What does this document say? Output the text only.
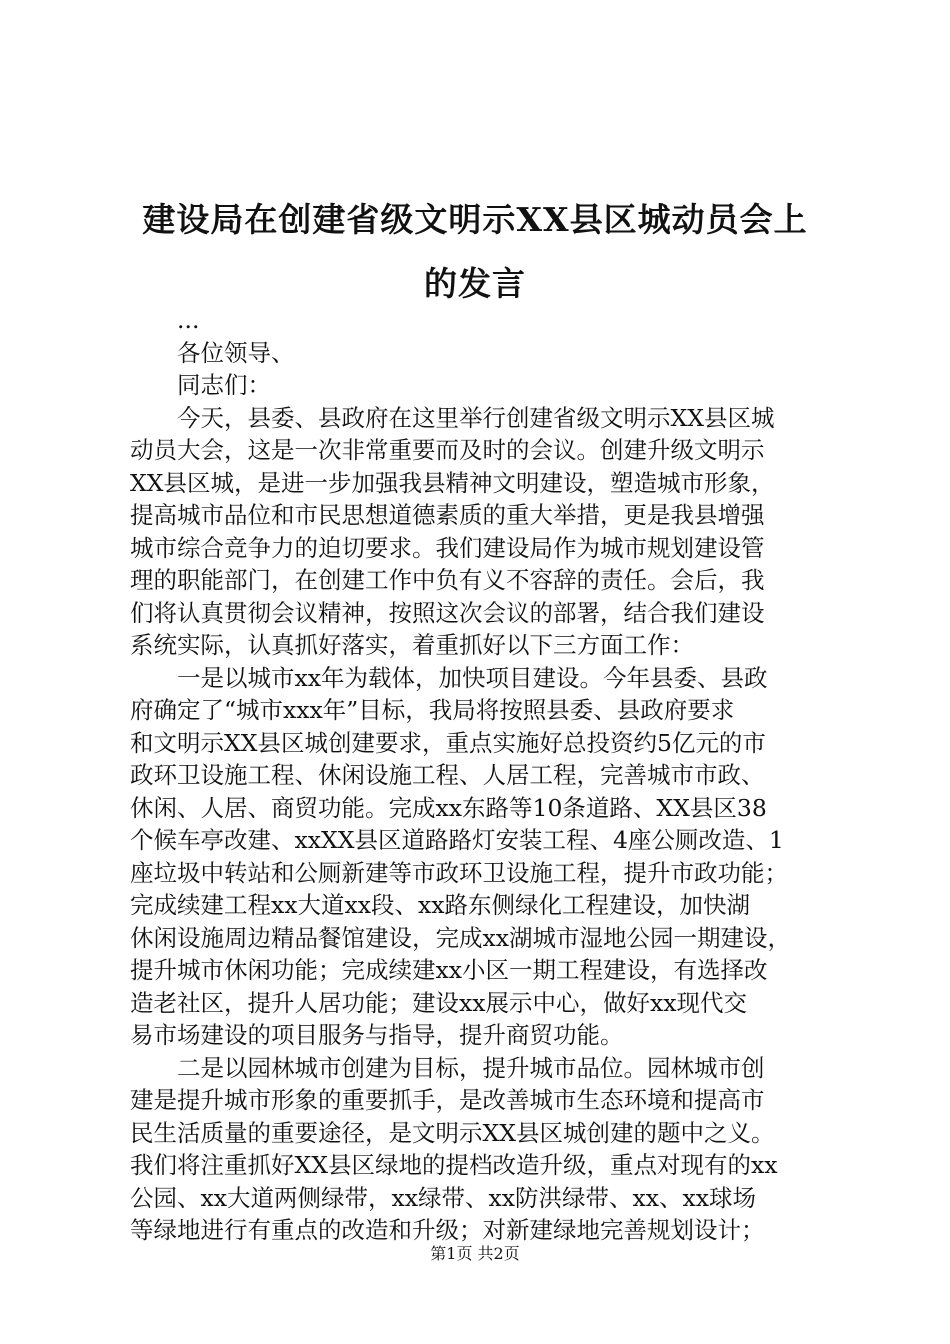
建设局在创建省级文明示XX县区城动员会上
的发言
...
各位领导、
同志们：
今天，县委、县政府在这里举行创建省级文明示XX县区城
动员大会，这是一次非常重要而及时的会议。创建升级文明示
XX县区城，是进一步加强我县精神文明建设，塑造城市形象，
提高城市品位和市民思想道德素质的重大举措，更是我县增强
城市综合竞争力的迫切要求。我们建设局作为城市规划建设管
理的职能部门，在创建工作中负有义不容辞的责任。会后，我
们将认真贯彻会议精神，按照这次会议的部署，结合我们建设
系统实际，认真抓好落实，着重抓好以下三方面工作：
一是以城市xx年为载体，加快项目建设。今年县委、县政
府确定了“城市xxx年”目标，我局将按照县委、县政府要求
和文明示XX县区城创建要求，重点实施好总投资约5亿元的市
政环卫设施工程、休闲设施工程、人居工程，完善城市市政、
休闲、人居、商贸功能。完成xx东路等10条道路、XX县区38
个候车亭改建、xxXX县区道路路灯安装工程、4座公厕改造、1
座垃圾中转站和公厕新建等市政环卫设施工程，提升市政功能；
完成续建工程xx大道xx段、xx路东侧绿化工程建设，加快湖
休闲设施周边精品餐馆建设，完成xx湖城市湿地公园一期建设，
提升城市休闲功能；完成续建xx小区一期工程建设，有选择改
造老社区，提升人居功能；建设xx展示中心，做好xx现代交
易市场建设的项目服务与指导，提升商贸功能。
二是以园林城市创建为目标，提升城市品位。园林城市创
建是提升城市形象的重要抓手，是改善城市生态环境和提高市
民生活质量的重要途径，是文明示XX县区城创建的题中之义。
我们将注重抓好XX县区绿地的提档改造升级，重点对现有的xx
公园、xx大道两侧绿带，xx绿带、xx防洪绿带、xx、xx球场
等绿地进行有重点的改造和升级；对新建绿地完善规划设计；
第1页 共2页
